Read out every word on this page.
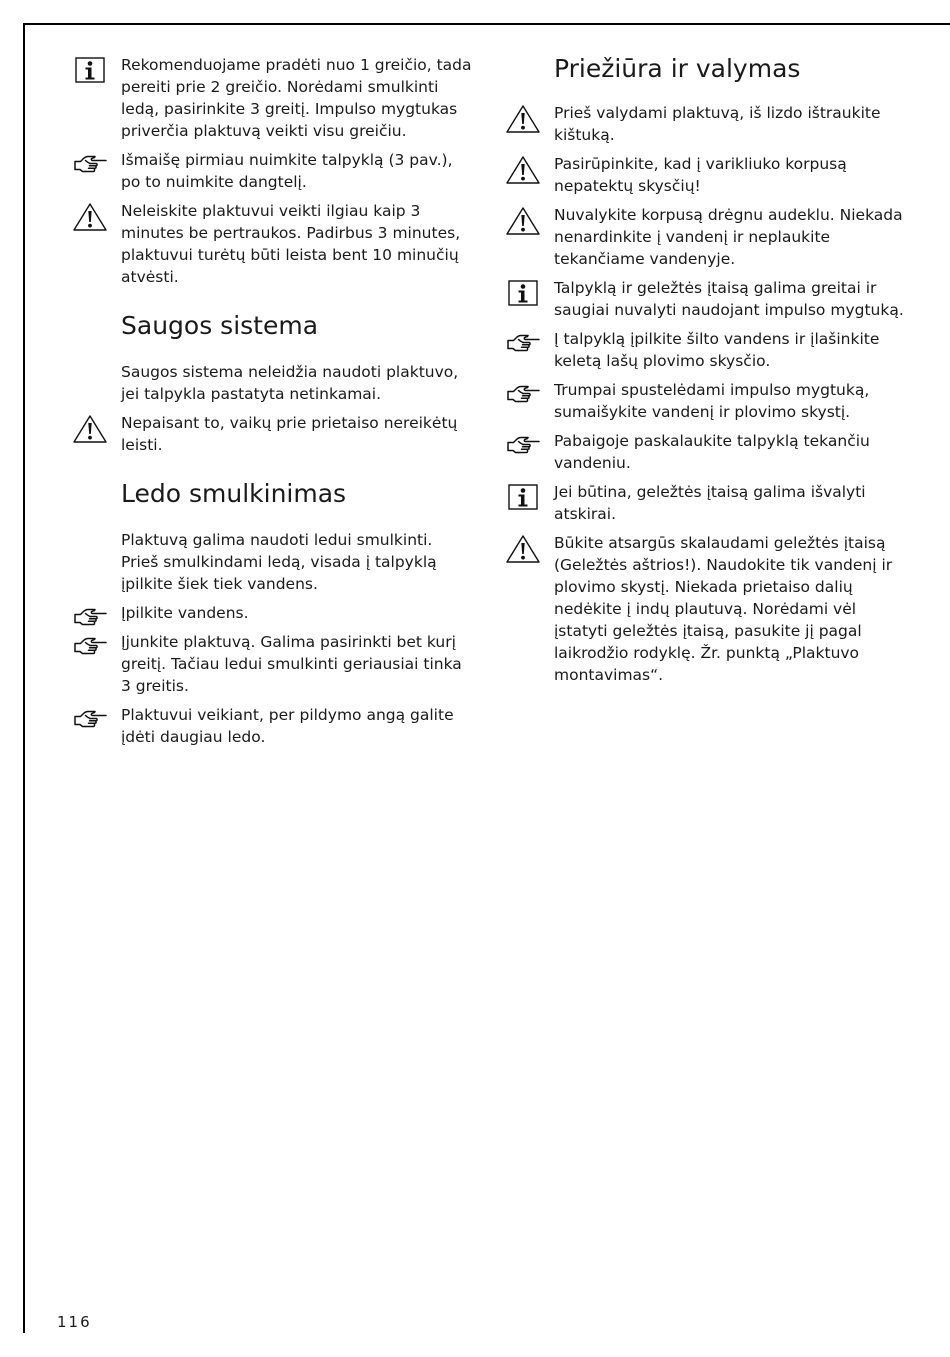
Rekomenduojame pradėti nuo 1 greičio, tada pereiti prie 2 greičio. Norėdami smulkinti ledą, pasirinkite 3 greitį. Impulso mygtukas priverčia plaktuvą veikti visu greičiu.
Išmaišę pirmiau nuimkite talpyklą (3 pav.), po to nuimkite dangtelį.
Neleiskite plaktuvui veikti ilgiau kaip 3 minutes be pertraukos. Padirbus 3 minutes, plaktuvui turėtų būti leista bent 10 minučių atvėsti.
Saugos sistema
Saugos sistema neleidžia naudoti plaktuvo, jei talpykla pastatyta netinkamai.
Nepaisant to, vaikų prie prietaiso nereikėtų leisti.
Ledo smulkinimas
Plaktuvą galima naudoti ledui smulkinti. Prieš smulkindami ledą, visada į talpyklą įpilkite šiek tiek vandens.
Įpilkite vandens.
Įjunkite plaktuvą. Galima pasirinkti bet kurį greitį. Tačiau ledui smulkinti geriausiai tinka 3 greitis.
Plaktuvui veikiant, per pildymo angą galite įdėti daugiau ledo.
Priežiūra ir valymas
Prieš valydami plaktuvą, iš lizdo ištraukite kištuką.
Pasirūpinkite, kad į varikliuko korpusą nepatektų skysčių!
Nuvalykite korpusą drėgnu audeklu. Niekada nenardinkite į vandenį ir neplaukite tekančiame vandenyje.
Talpyklą ir geležtės įtaisą galima greitai ir saugiai nuvalyti naudojant impulso mygtuką.
Į talpyklą įpilkite šilto vandens ir įlašinkite keletą lašų plovimo skysčio.
Trumpai spustelėdami impulso mygtuką, sumaišykite vandenį ir plovimo skystį.
Pabaigoje paskalaukite talpyklą tekančiu vandeniu.
Jei būtina, geležtės įtaisą galima išvalyti atskirai.
Būkite atsargūs skalaudami geležtės įtaisą (Geležtės aštrios!). Naudokite tik vandenį ir plovimo skystį. Niekada prietaiso dalių nedėkite į indų plautuvą. Norėdami vėl įstatyti geležtės įtaisą, pasukite jį pagal laikrodžio rodyklę. Žr. punktą „Plaktuvo montavimas“.
116
